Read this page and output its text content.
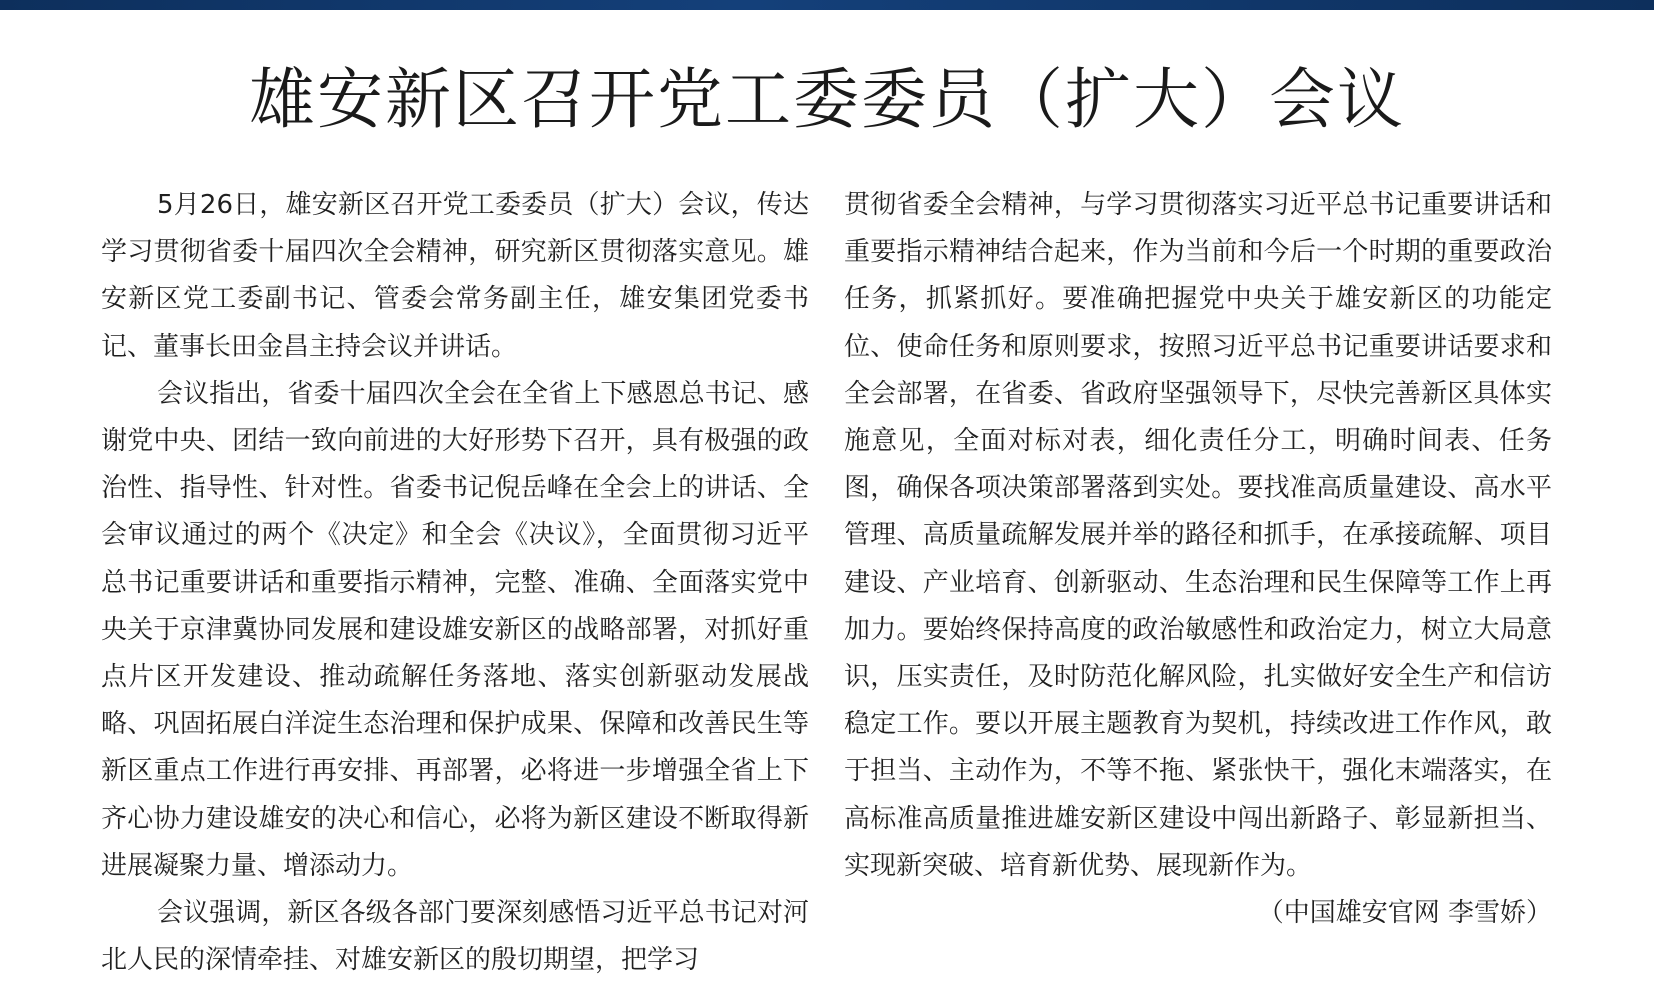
雄安新区召开党工委委员（扩大）会议

5月26日，雄安新区召开党工委委员（扩大）会议，传达学习贯彻省委十届四次全会精神，研究新区贯彻落实意见。雄安新区党工委副书记、管委会常务副主任，雄安集团党委书记、董事长田金昌主持会议并讲话。

会议指出，省委十届四次全会在全省上下感恩总书记、感谢党中央、团结一致向前进的大好形势下召开，具有极强的政治性、指导性、针对性。省委书记倪岳峰在全会上的讲话、全会审议通过的两个《决定》和全会《决议》，全面贯彻习近平总书记重要讲话和重要指示精神，完整、准确、全面落实党中央关于京津冀协同发展和建设雄安新区的战略部署，对抓好重点片区开发建设、推动疏解任务落地、落实创新驱动发展战略、巩固拓展白洋淀生态治理和保护成果、保障和改善民生等新区重点工作进行再安排、再部署，必将进一步增强全省上下齐心协力建设雄安的决心和信心，必将为新区建设不断取得新进展凝聚力量、增添动力。

会议强调，新区各级各部门要深刻感悟习近平总书记对河北人民的深情牵挂、对雄安新区的殷切期望，把学习

贯彻省委全会精神，与学习贯彻落实习近平总书记重要讲话和重要指示精神结合起来，作为当前和今后一个时期的重要政治任务，抓紧抓好。要准确把握党中央关于雄安新区的功能定位、使命任务和原则要求，按照习近平总书记重要讲话要求和全会部署，在省委、省政府坚强领导下，尽快完善新区具体实施意见，全面对标对表，细化责任分工，明确时间表、任务图，确保各项决策部署落到实处。要找准高质量建设、高水平管理、高质量疏解发展并举的路径和抓手，在承接疏解、项目建设、产业培育、创新驱动、生态治理和民生保障等工作上再加力。要始终保持高度的政治敏感性和政治定力，树立大局意识，压实责任，及时防范化解风险，扎实做好安全生产和信访稳定工作。要以开展主题教育为契机，持续改进工作作风，敢于担当、主动作为，不等不拖、紧张快干，强化末端落实，在高标准高质量推进雄安新区建设中闯出新路子、彰显新担当、实现新突破、培育新优势、展现新作为。

（中国雄安官网 李雪娇）
